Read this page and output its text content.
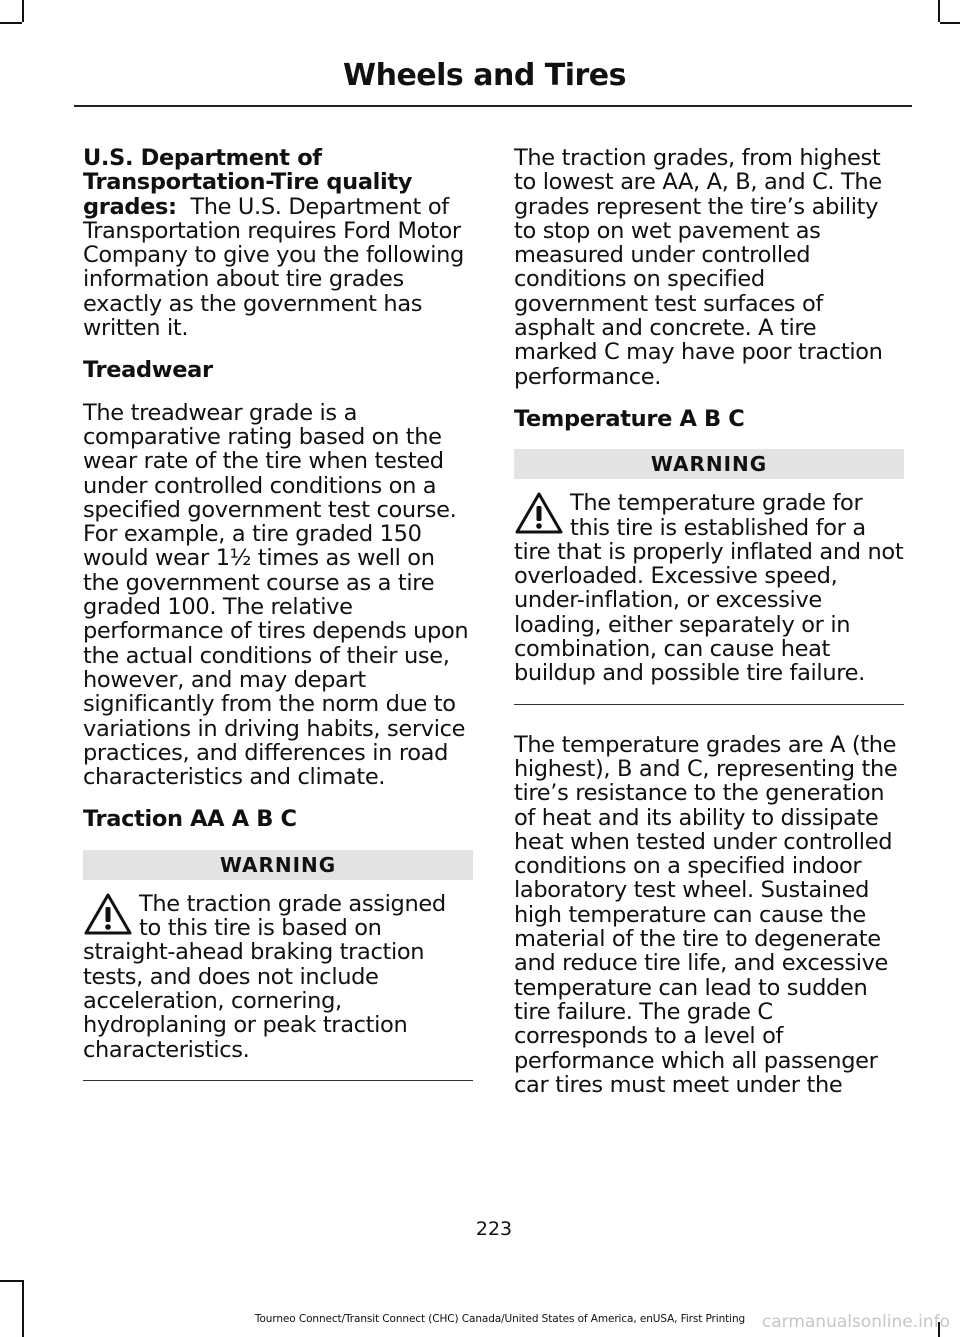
Wheels and Tires

U.S. Department of Transportation-Tire quality grades: The U.S. Department of Transportation requires Ford Motor Company to give you the following information about tire grades exactly as the government has written it.

Treadwear

The treadwear grade is a comparative rating based on the wear rate of the tire when tested under controlled conditions on a specified government test course. For example, a tire graded 150 would wear 1½ times as well on the government course as a tire graded 100. The relative performance of tires depends upon the actual conditions of their use, however, and may depart significantly from the norm due to variations in driving habits, service practices, and differences in road characteristics and climate.

Traction AA A B C
WARNING
The traction grade assigned to this tire is based on straight-ahead braking traction tests, and does not include acceleration, cornering, hydroplaning or peak traction characteristics.

The traction grades, from highest to lowest are AA, A, B, and C. The grades represent the tire’s ability to stop on wet pavement as measured under controlled conditions on specified government test surfaces of asphalt and concrete. A tire marked C may have poor traction performance.

Temperature A B C
WARNING
The temperature grade for this tire is established for a tire that is properly inflated and not overloaded. Excessive speed, under-inflation, or excessive loading, either separately or in combination, can cause heat buildup and possible tire failure.

The temperature grades are A (the highest), B and C, representing the tire’s resistance to the generation of heat and its ability to dissipate heat when tested under controlled conditions on a specified indoor laboratory test wheel. Sustained high temperature can cause the material of the tire to degenerate and reduce tire life, and excessive temperature can lead to sudden tire failure. The grade C corresponds to a level of performance which all passenger car tires must meet under the

223
Tourneo Connect/Transit Connect (CHC) Canada/United States of America, enUSA, First Printing carmanualsonline.info
